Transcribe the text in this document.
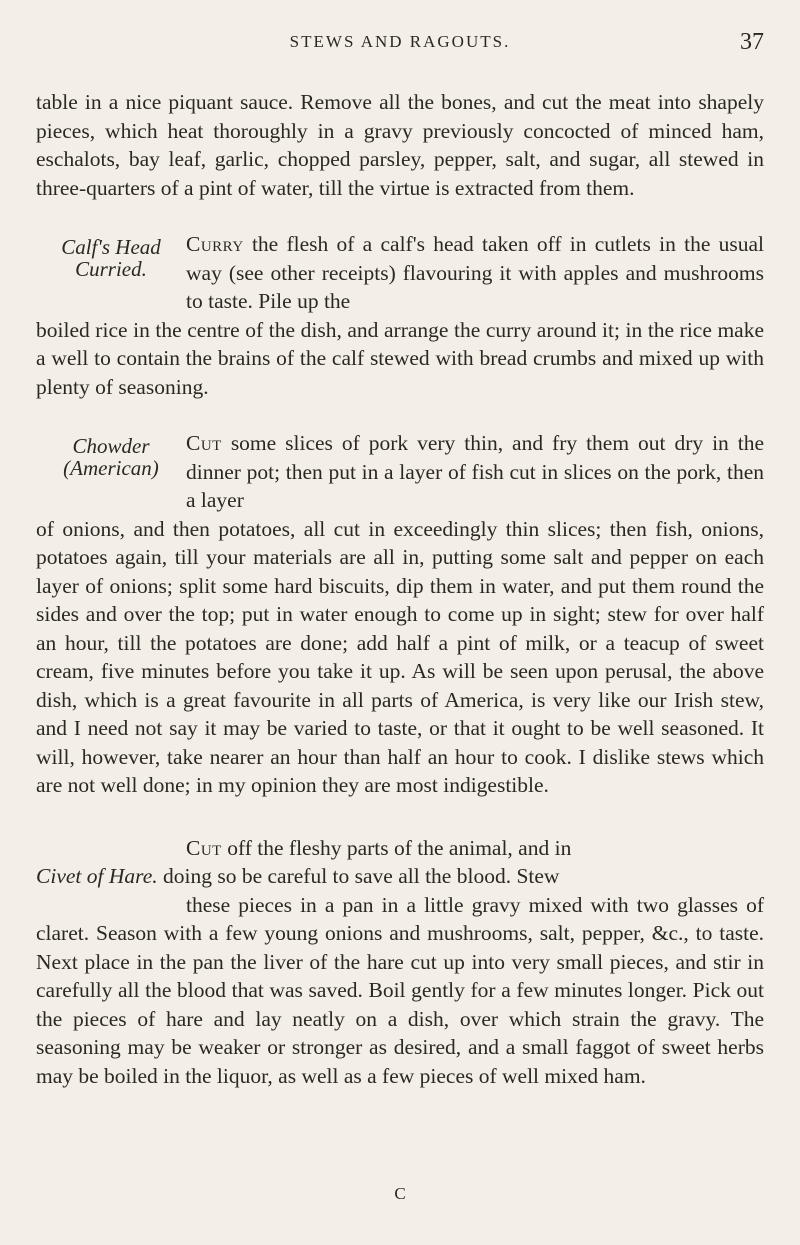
STEWS AND RAGOUTS.	37

table in a nice piquant sauce. Remove all the bones, and cut the meat into shapely pieces, which heat thoroughly in a gravy previously concocted of minced ham, eschalots, bay leaf, garlic, chopped parsley, pepper, salt, and sugar, all stewed in three-quarters of a pint of water, till the virtue is extracted from them.

Calf's Head
Curried.

Curry the flesh of a calf's head taken off in cutlets in the usual way (see other receipts) flavouring it with apples and mushrooms to taste. Pile up the

boiled rice in the centre of the dish, and arrange the curry around it; in the rice make a well to contain the brains of the calf stewed with bread crumbs and mixed up with plenty of seasoning.

Chowder
(American)

Cut some slices of pork very thin, and fry them out dry in the dinner pot; then put in a layer of fish cut in slices on the pork, then a layer

of onions, and then potatoes, all cut in exceedingly thin slices; then fish, onions, potatoes again, till your materials are all in, putting some salt and pepper on each layer of onions; split some hard biscuits, dip them in water, and put them round the sides and over the top; put in water enough to come up in sight; stew for over half an hour, till the potatoes are done; add half a pint of milk, or a teacup of sweet cream, five minutes before you take it up. As will be seen upon perusal, the above dish, which is a great favourite in all parts of America, is very like our Irish stew, and I need not say it may be varied to taste, or that it ought to be well seasoned. It will, however, take nearer an hour than half an hour to cook. I dislike stews which are not well done; in my opinion they are most indigestible.

Cut off the fleshy parts of the animal, and in

Civet of Hare. doing so be careful to save all the blood. Stew

these pieces in a pan in a little gravy mixed with two glasses of claret. Season with a few young onions and mushrooms, salt, pepper, &c., to taste. Next place in the pan the liver of the hare cut up into very small pieces, and stir in carefully all the blood that was saved. Boil gently for a few minutes longer. Pick out the pieces of hare and lay neatly on a dish, over which strain the gravy. The seasoning may be weaker or stronger as desired, and a small faggot of sweet herbs may be boiled in the liquor, as well as a few pieces of well mixed ham.

C
